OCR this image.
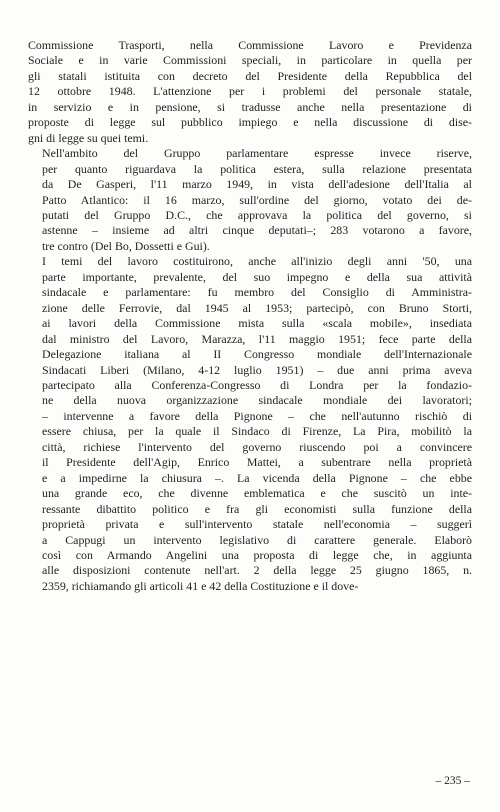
Commissione Trasporti, nella Commissione Lavoro e Previdenza
Sociale e in varie Commissioni speciali, in particolare in quella per
gli statali istituita con decreto del Presidente della Repubblica del
12 ottobre 1948. L'attenzione per i problemi del personale statale,
in servizio e in pensione, si tradusse anche nella presentazione di
proposte di legge sul pubblico impiego e nella discussione di dise-
gni di legge su quei temi.
Nell'ambito del Gruppo parlamentare espresse invece riserve,
per quanto riguardava la politica estera, sulla relazione presentata
da De Gasperi, l'11 marzo 1949, in vista dell'adesione dell'Italia al
Patto Atlantico: il 16 marzo, sull'ordine del giorno, votato dei de-
putati del Gruppo D.C., che approvava la politica del governo, si
astenne – insieme ad altri cinque deputati–; 283 votarono a favore,
tre contro (Del Bo, Dossetti e Gui).
I temi del lavoro costituirono, anche all'inizio degli anni '50, una
parte importante, prevalente, del suo impegno e della sua attività
sindacale e parlamentare: fu membro del Consiglio di Amministra-
zione delle Ferrovie, dal 1945 al 1953; partecipò, con Bruno Storti,
ai lavori della Commissione mista sulla «scala mobile», insediata
dal ministro del Lavoro, Marazza, l'11 maggio 1951; fece parte della
Delegazione italiana al II Congresso mondiale dell'Internazionale
Sindacati Liberi (Milano, 4-12 luglio 1951) – due anni prima aveva
partecipato alla Conferenza-Congresso di Londra per la fondazio-
ne della nuova organizzazione sindacale mondiale dei lavoratori;
– intervenne a favore della Pignone – che nell'autunno rischiò di
essere chiusa, per la quale il Sindaco di Firenze, La Pira, mobilitò la
città, richiese l'intervento del governo riuscendo poi a convincere
il Presidente dell'Agip, Enrico Mattei, a subentrare nella proprietà
e a impedirne la chiusura –. La vicenda della Pignone – che ebbe
una grande eco, che divenne emblematica e che suscitò un inte-
ressante dibattito politico e fra gli economisti sulla funzione della
proprietà privata e sull'intervento statale nell'economia – suggerì
a Cappugi un intervento legislativo di carattere generale. Elaborò
così con Armando Angelini una proposta di legge che, in aggiunta
alle disposizioni contenute nell'art. 2 della legge 25 giugno 1865, n.
2359, richiamando gli articoli 41 e 42 della Costituzione e il dove-
– 235 –
